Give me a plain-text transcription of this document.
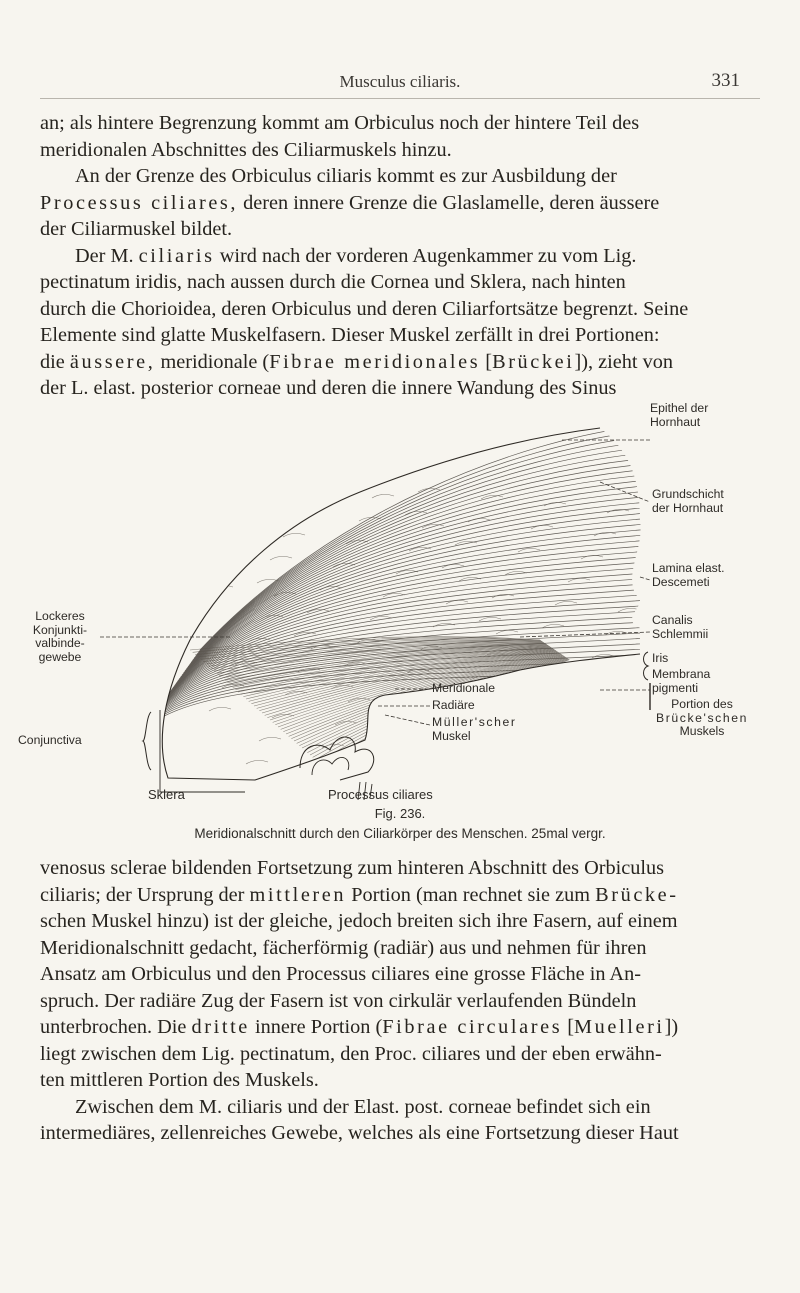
Musculus ciliaris.	331

an; als hintere Begrenzung kommt am Orbiculus noch der hintere Teil des

meridionalen Abschnittes des Ciliarmuskels hinzu.

An der Grenze des Orbiculus ciliaris kommt es zur Ausbildung der

Processus ciliares, deren innere Grenze die Glaslamelle, deren äussere

der Ciliarmuskel bildet.

Der M. ciliaris wird nach der vorderen Augenkammer zu vom Lig.

pectinatum iridis, nach aussen durch die Cornea und Sklera, nach hinten

durch die Chorioidea, deren Orbiculus und deren Ciliarfortsätze begrenzt. Seine

Elemente sind glatte Muskelfasern. Dieser Muskel zerfällt in drei Portionen:

die äussere, meridionale (Fibrae meridionales [Brückei]), zieht von

der L. elast. posterior corneae und deren die innere Wandung des Sinus

Epithel der
Hornhaut
Grundschicht
der Hornhaut
Lamina elast.
Descemeti
Canalis
Schlemmii
Iris
Membrana
pigmenti
Portion des
Brücke'schen
Muskels
Meridionale
Radiäre
Müller'scher
Muskel
Lockeres
Konjunkti-
valbinde-
gewebe
Conjunctiva
Sklera	Processus ciliares
Fig. 236.
Meridionalschnitt durch den Ciliarkörper des Menschen. 25mal vergr.

venosus sclerae bildenden Fortsetzung zum hinteren Abschnitt des Orbiculus

ciliaris; der Ursprung der mittleren Portion (man rechnet sie zum Brücke-

schen Muskel hinzu) ist der gleiche, jedoch breiten sich ihre Fasern, auf einem

Meridionalschnitt gedacht, fächerförmig (radiär) aus und nehmen für ihren

Ansatz am Orbiculus und den Processus ciliares eine grosse Fläche in An-

spruch. Der radiäre Zug der Fasern ist von cirkulär verlaufenden Bündeln

unterbrochen. Die dritte innere Portion (Fibrae circulares [Muelleri])

liegt zwischen dem Lig. pectinatum, den Proc. ciliares und der eben erwähn-

ten mittleren Portion des Muskels.

Zwischen dem M. ciliaris und der Elast. post. corneae befindet sich ein

intermediäres, zellenreiches Gewebe, welches als eine Fortsetzung dieser Haut
